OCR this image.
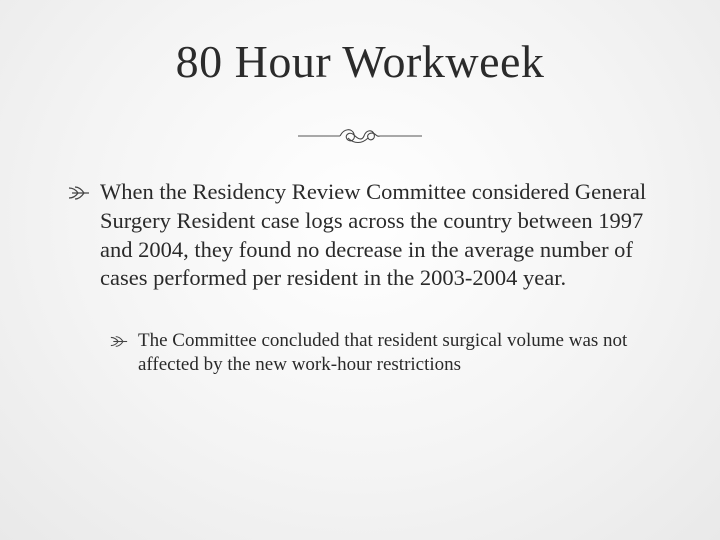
80 Hour Workweek
When the Residency Review Committee considered General Surgery Resident case logs across the country between 1997 and 2004, they found no decrease in the average number of cases performed per resident in the 2003-2004 year.
The Committee concluded that resident surgical volume was not affected by the new work-hour restrictions
